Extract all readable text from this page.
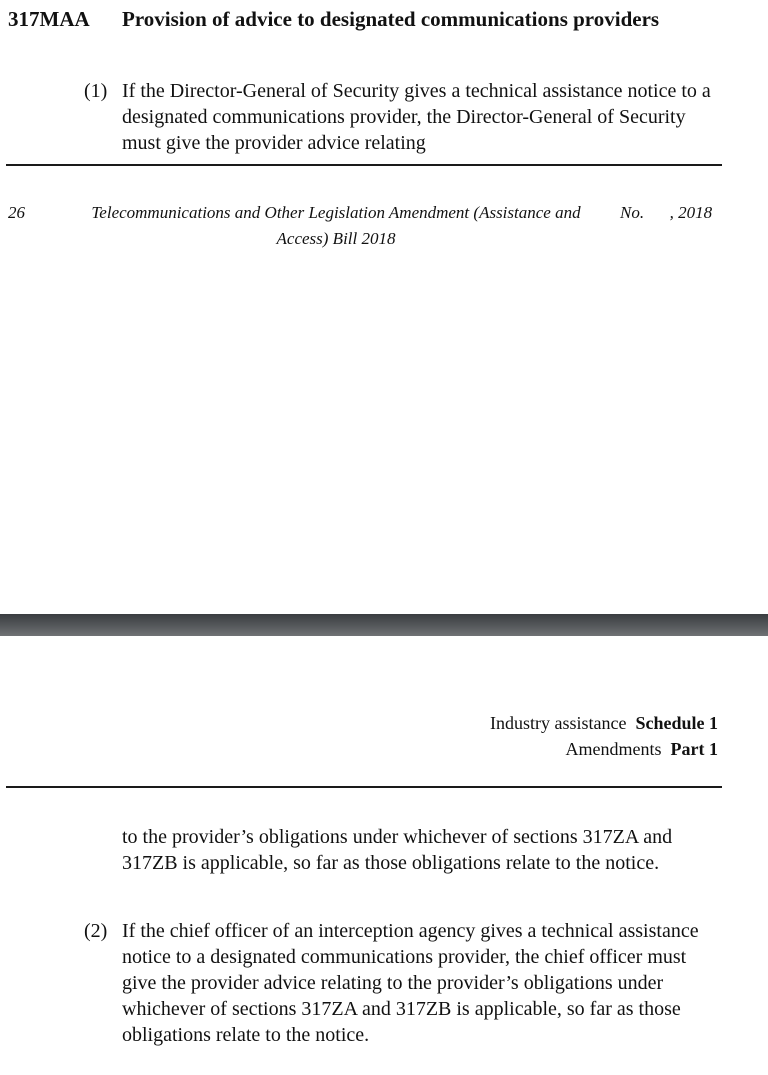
317MAA Provision of advice to designated communications providers
(1) If the Director-General of Security gives a technical assistance notice to a designated communications provider, the Director-General of Security must give the provider advice relating
26	Telecommunications and Other Legislation Amendment (Assistance and Access) Bill 2018
No.      , 2018
Industry assistance Schedule 1
Amendments Part 1
to the provider’s obligations under whichever of sections 317ZA and 317ZB is applicable, so far as those obligations relate to the notice.
(2) If the chief officer of an interception agency gives a technical assistance notice to a designated communications provider, the chief officer must give the provider advice relating to the provider’s obligations under whichever of sections 317ZA and 317ZB is applicable, so far as those obligations relate to the notice.
